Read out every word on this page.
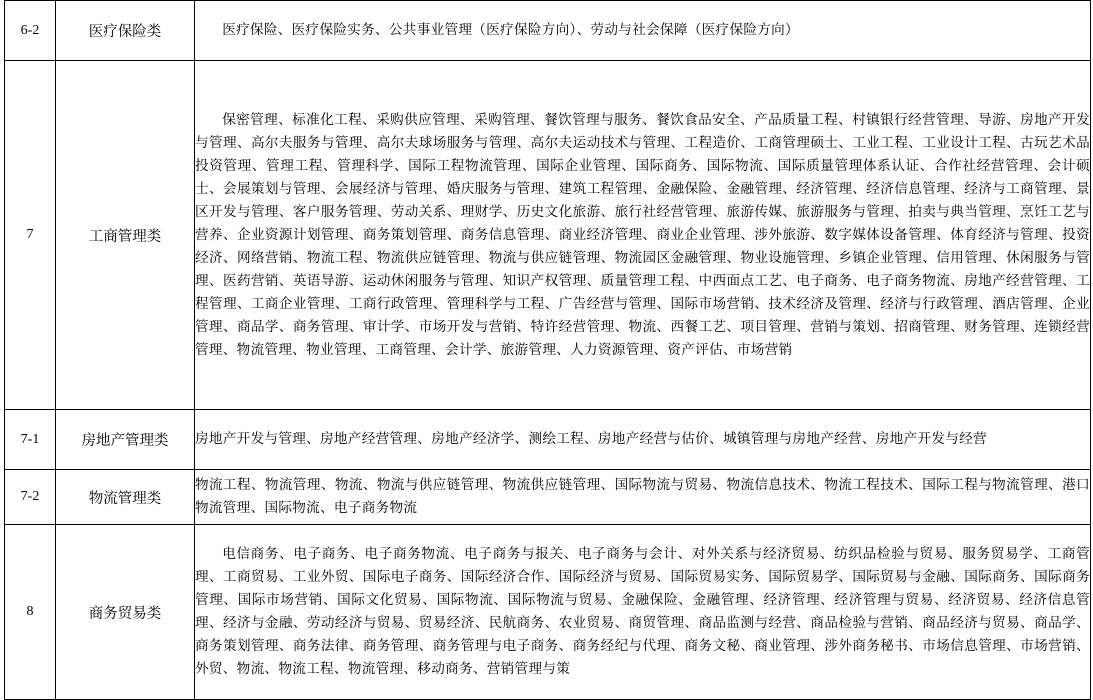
6-2	医疗保险类	医疗保险、医疗保险实务、公共事业管理（医疗保险方向）、劳动与社会保障（医疗保险方向）
7	工商管理类	保密管理、标准化工程、采购供应管理、采购管理、餐饮管理与服务、餐饮食品安全、产品质量工程、村镇银行经营管理、导游、房地产开发与管理、高尔夫服务与管理、高尔夫球场服务与管理、高尔夫运动技术与管理、工程造价、工商管理硕士、工业工程、工业设计工程、古玩艺术品投资管理、管理工程、管理科学、国际工程物流管理、国际企业管理、国际商务、国际物流、国际质量管理体系认证、合作社经营管理、会计硕士、会展策划与管理、会展经济与管理、婚庆服务与管理、建筑工程管理、金融保险、金融管理、经济管理、经济信息管理、经济与工商管理、景区开发与管理、客户服务管理、劳动关系、理财学、历史文化旅游、旅行社经营管理、旅游传媒、旅游服务与管理、拍卖与典当管理、烹饪工艺与营养、企业资源计划管理、商务策划管理、商务信息管理、商业经济管理、商业企业管理、涉外旅游、数字媒体设备管理、体育经济与管理、投资经济、网络营销、物流工程、物流供应链管理、物流与供应链管理、物流园区金融管理、物业设施管理、乡镇企业管理、信用管理、休闲服务与管理、医药营销、英语导游、运动休闲服务与管理、知识产权管理、质量管理工程、中西面点工艺、电子商务、电子商务物流、房地产经营管理、工程管理、工商企业管理、工商行政管理、管理科学与工程、广告经营与管理、国际市场营销、技术经济及管理、经济与行政管理、酒店管理、企业管理、商品学、商务管理、审计学、市场开发与营销、特许经营管理、物流、西餐工艺、项目管理、营销与策划、招商管理、财务管理、连锁经营管理、物流管理、物业管理、工商管理、会计学、旅游管理、人力资源管理、资产评估、市场营销
7-1	房地产管理类	房地产开发与管理、房地产经营管理、房地产经济学、测绘工程、房地产经营与估价、城镇管理与房地产经营、房地产开发与经营
7-2	物流管理类	物流工程、物流管理、物流、物流与供应链管理、物流供应链管理、国际物流与贸易、物流信息技术、物流工程技术、国际工程与物流管理、港口物流管理、国际物流、电子商务物流
8	商务贸易类	电信商务、电子商务、电子商务物流、电子商务与报关、电子商务与会计、对外关系与经济贸易、纺织品检验与贸易、服务贸易学、工商管理、工商贸易、工业外贸、国际电子商务、国际经济合作、国际经济与贸易、国际贸易实务、国际贸易学、国际贸易与金融、国际商务、国际商务管理、国际市场营销、国际文化贸易、国际物流、国际物流与贸易、金融保险、金融管理、经济管理、经济管理与贸易、经济贸易、经济信息管理、经济与金融、劳动经济与贸易、贸易经济、民航商务、农业贸易、商贸管理、商品监测与经营、商品检验与营销、商品经济与贸易、商品学、商务策划管理、商务法律、商务管理、商务管理与电子商务、商务经纪与代理、商务文秘、商业管理、涉外商务秘书、市场信息管理、市场营销、外贸、物流、物流工程、物流管理、移动商务、营销管理与策
